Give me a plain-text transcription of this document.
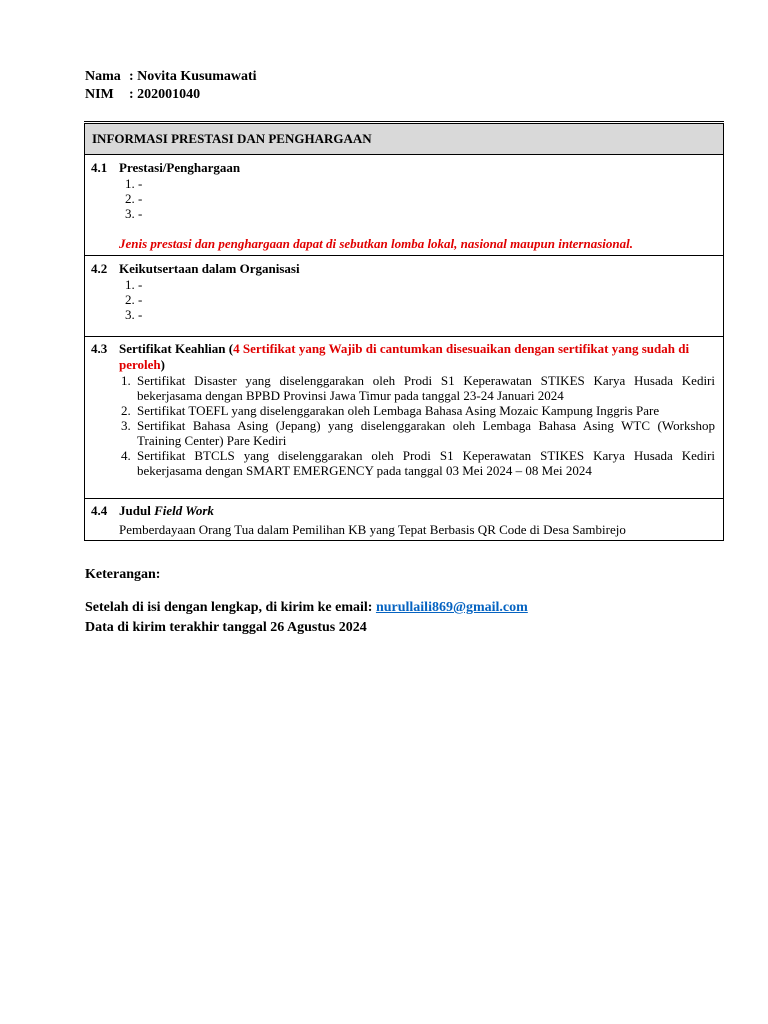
Nama : Novita Kusumawati
NIM : 202001040
INFORMASI PRESTASI DAN PENGHARGAAN

4.1 Prestasi/Penghargaan
1. -
2. -
3. -
Jenis prestasi dan penghargaan dapat di sebutkan lomba lokal, nasional maupun internasional.

4.2 Keikutsertaan dalam Organisasi
1. -
2. -
3. -

4.3 Sertifikat Keahlian (4 Sertifikat yang Wajib di cantumkan disesuaikan dengan sertifikat yang sudah di peroleh)
1. Sertifikat Disaster yang diselenggarakan oleh Prodi S1 Keperawatan STIKES Karya Husada Kediri bekerjasama dengan BPBD Provinsi Jawa Timur pada tanggal 23-24 Januari 2024
2. Sertifikat TOEFL yang diselenggarakan oleh Lembaga Bahasa Asing Mozaic Kampung Inggris Pare
3. Sertifikat Bahasa Asing (Jepang) yang diselenggarakan oleh Lembaga Bahasa Asing WTC (Workshop Training Center) Pare Kediri
4. Sertifikat BTCLS yang diselenggarakan oleh Prodi S1 Keperawatan STIKES Karya Husada Kediri bekerjasama dengan SMART EMERGENCY pada tanggal 03 Mei 2024 – 08 Mei 2024

4.4 Judul Field Work
Pemberdayaan Orang Tua dalam Pemilihan KB yang Tepat Berbasis QR Code di Desa Sambirejo
Keterangan:
Setelah di isi dengan lengkap, di kirim ke email: nurullaili869@gmail.com
Data di kirim terakhir tanggal 26 Agustus 2024
